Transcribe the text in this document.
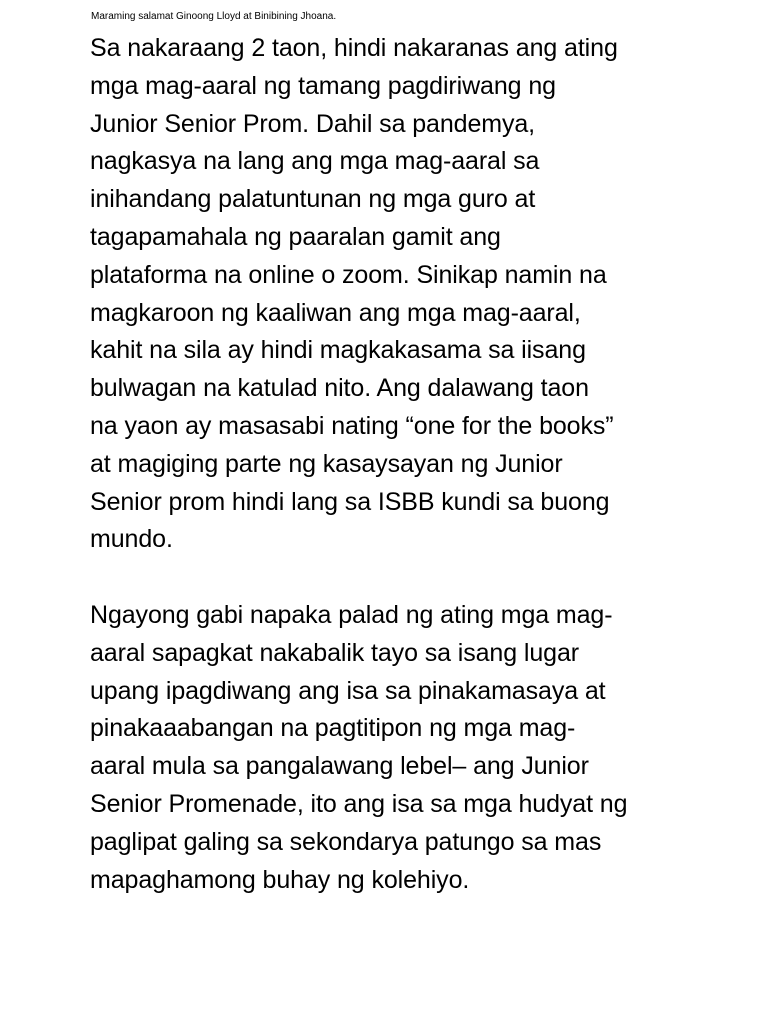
Maraming salamat Ginoong Lloyd at Binibining Jhoana.

Sa nakaraang 2 taon, hindi nakaranas ang ating
mga mag-aaral ng tamang pagdiriwang ng
Junior Senior Prom. Dahil sa pandemya,
nagkasya na lang ang mga mag-aaral sa
inihandang palatuntunan ng mga guro at
tagapamahala ng paaralan gamit ang
plataforma na online o zoom. Sinikap namin na
magkaroon ng kaaliwan ang mga mag-aaral,
kahit na sila ay hindi magkakasama sa iisang
bulwagan na katulad nito. Ang dalawang taon
na yaon ay masasabi nating “one for the books”
at magiging parte ng kasaysayan ng Junior
Senior prom hindi lang sa ISBB kundi sa buong
mundo.

Ngayong gabi napaka palad ng ating mga mag-
aaral sapagkat nakabalik tayo sa isang lugar
upang ipagdiwang ang isa sa pinakamasaya at
pinakaaabangan na pagtitipon ng mga mag-
aaral mula sa pangalawang lebel– ang Junior
Senior Promenade, ito ang isa sa mga hudyat ng
paglipat galing sa sekondarya patungo sa mas
mapaghamong buhay ng kolehiyo.
